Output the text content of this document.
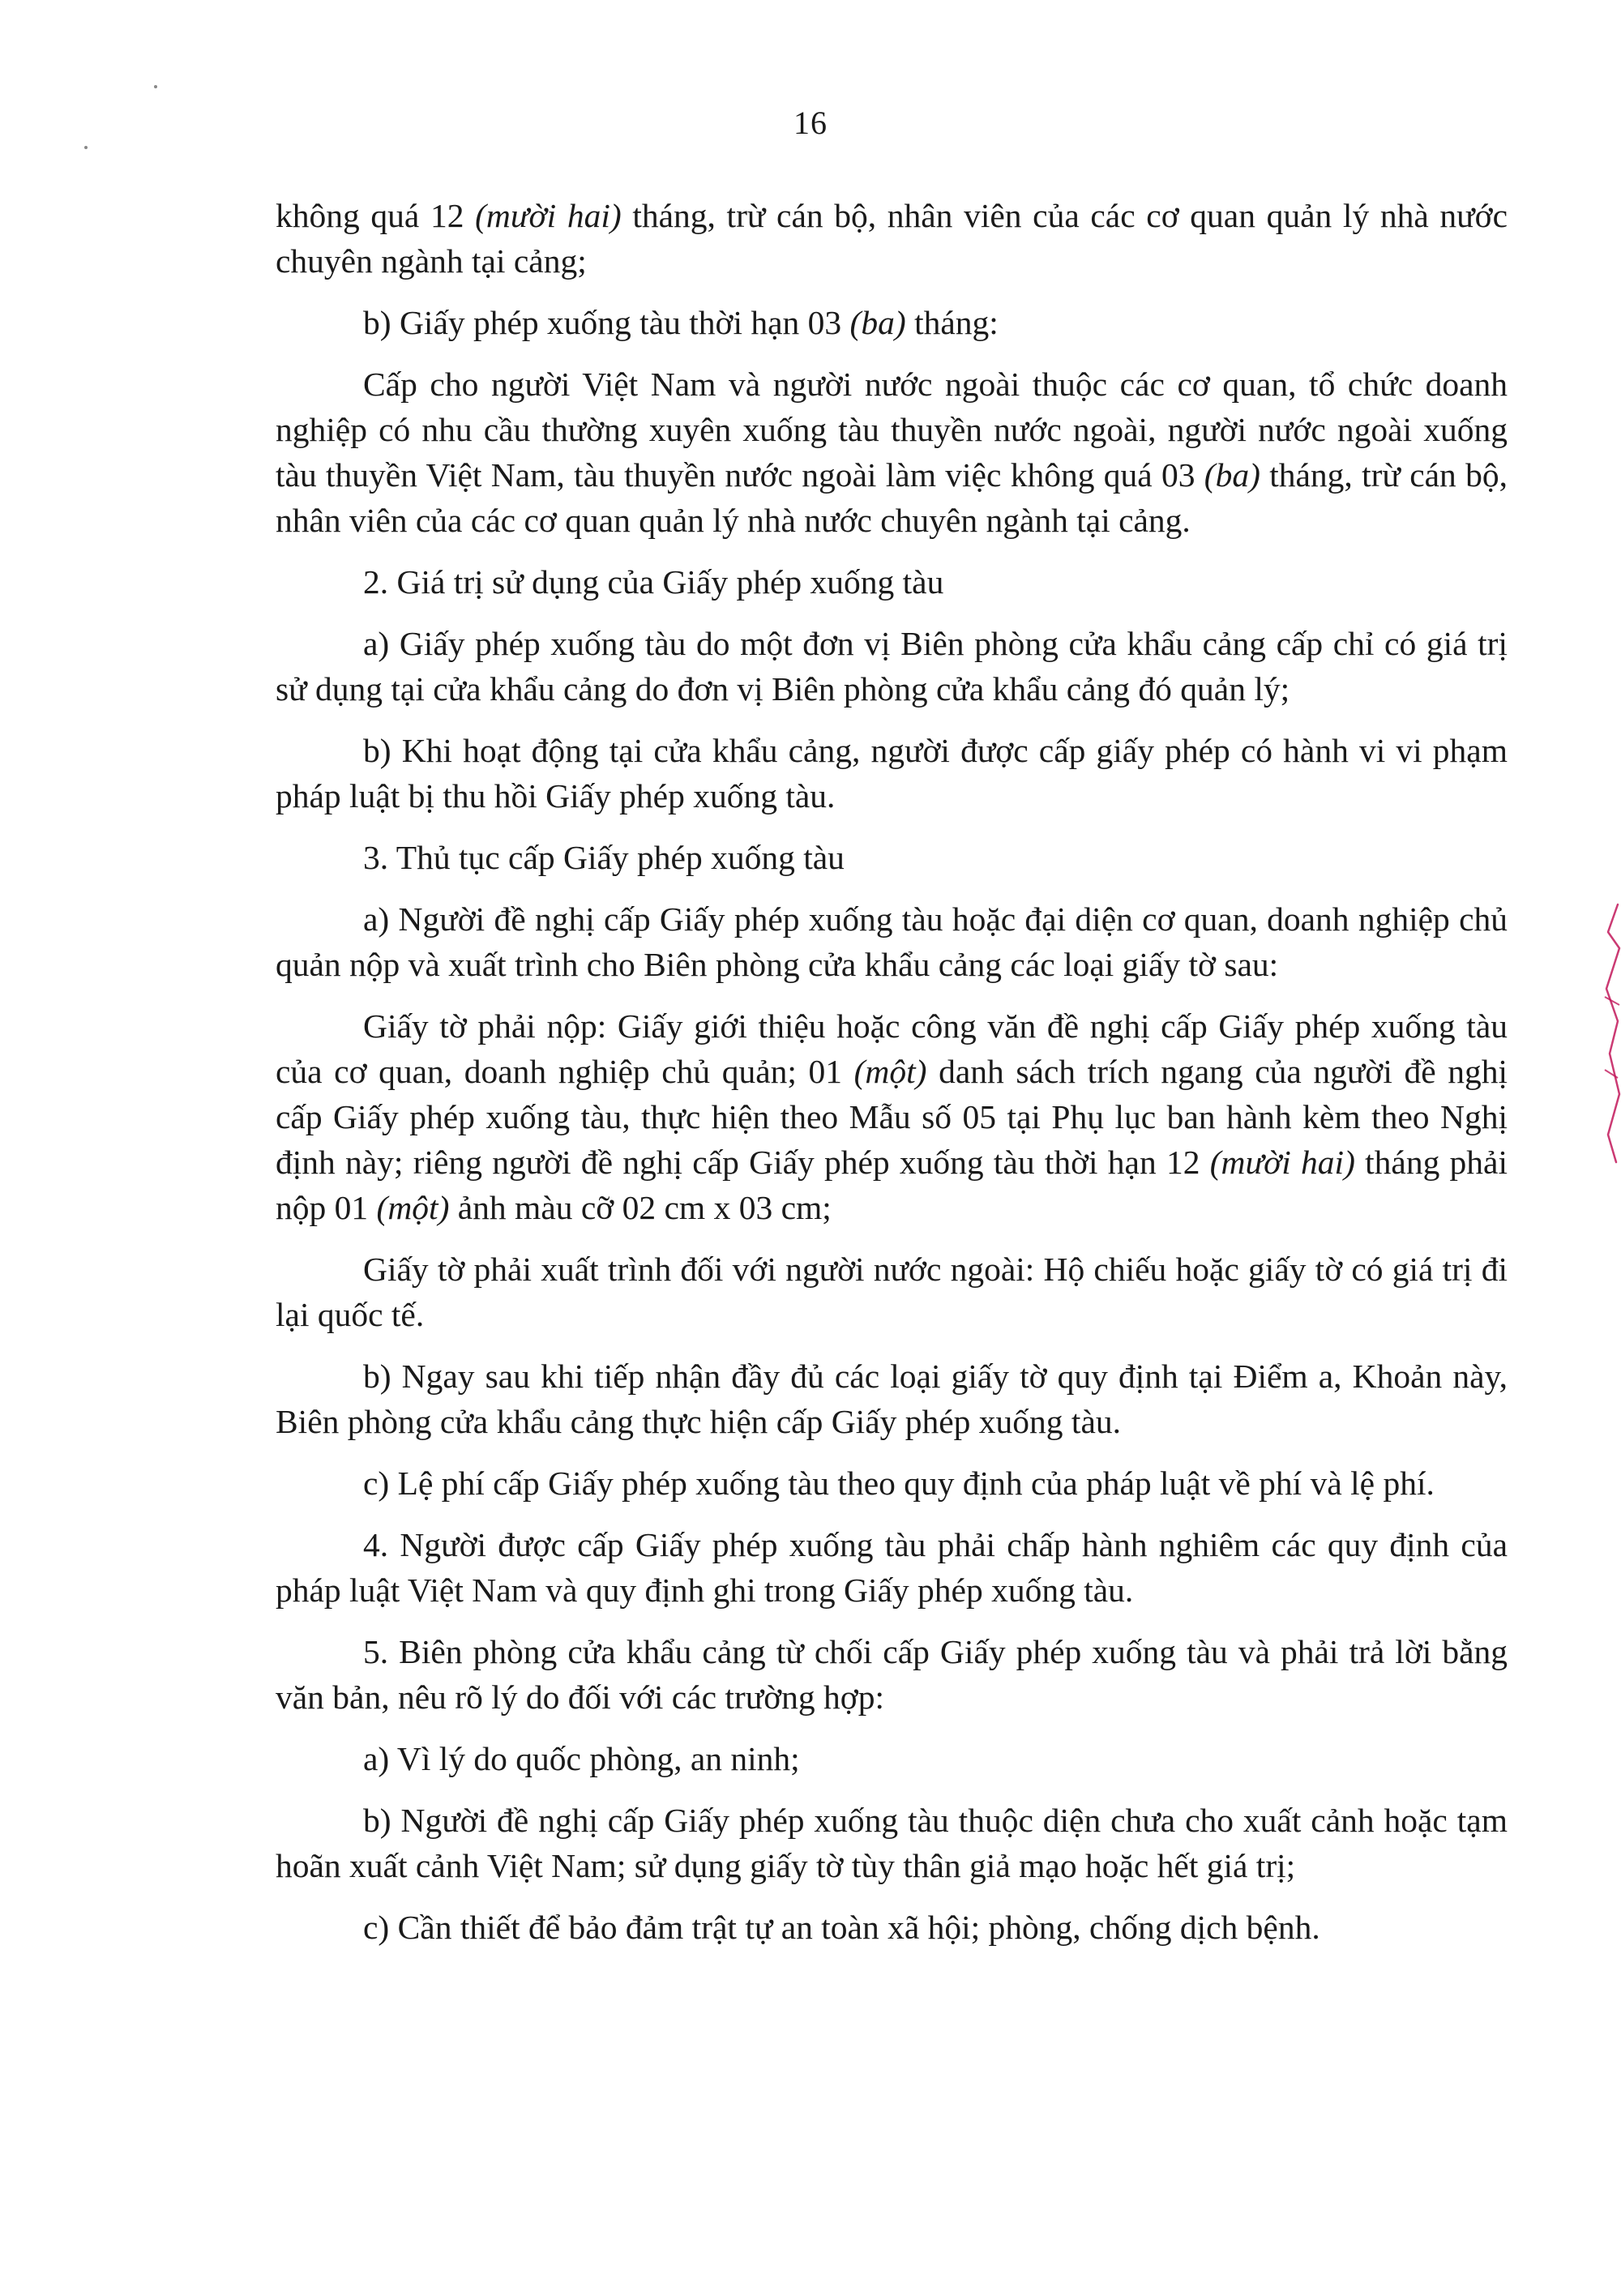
16

không quá 12 (mười hai) tháng, trừ cán bộ, nhân viên của các cơ quan quản lý nhà nước chuyên ngành tại cảng;

b) Giấy phép xuống tàu thời hạn 03 (ba) tháng:

Cấp cho người Việt Nam và người nước ngoài thuộc các cơ quan, tổ chức doanh nghiệp có nhu cầu thường xuyên xuống tàu thuyền nước ngoài, người nước ngoài xuống tàu thuyền Việt Nam, tàu thuyền nước ngoài làm việc không quá 03 (ba) tháng, trừ cán bộ, nhân viên của các cơ quan quản lý nhà nước chuyên ngành tại cảng.

2. Giá trị sử dụng của Giấy phép xuống tàu

a) Giấy phép xuống tàu do một đơn vị Biên phòng cửa khẩu cảng cấp chỉ có giá trị sử dụng tại cửa khẩu cảng do đơn vị Biên phòng cửa khẩu cảng đó quản lý;

b) Khi hoạt động tại cửa khẩu cảng, người được cấp giấy phép có hành vi vi phạm pháp luật bị thu hồi Giấy phép xuống tàu.

3. Thủ tục cấp Giấy phép xuống tàu

a) Người đề nghị cấp Giấy phép xuống tàu hoặc đại diện cơ quan, doanh nghiệp chủ quản nộp và xuất trình cho Biên phòng cửa khẩu cảng các loại giấy tờ sau:

Giấy tờ phải nộp: Giấy giới thiệu hoặc công văn đề nghị cấp Giấy phép xuống tàu của cơ quan, doanh nghiệp chủ quản; 01 (một) danh sách trích ngang của người đề nghị cấp Giấy phép xuống tàu, thực hiện theo Mẫu số 05 tại Phụ lục ban hành kèm theo Nghị định này; riêng người đề nghị cấp Giấy phép xuống tàu thời hạn 12 (mười hai) tháng phải nộp 01 (một) ảnh màu cỡ 02 cm x 03 cm;

Giấy tờ phải xuất trình đối với người nước ngoài: Hộ chiếu hoặc giấy tờ có giá trị đi lại quốc tế.

b) Ngay sau khi tiếp nhận đầy đủ các loại giấy tờ quy định tại Điểm a, Khoản này, Biên phòng cửa khẩu cảng thực hiện cấp Giấy phép xuống tàu.

c) Lệ phí cấp Giấy phép xuống tàu theo quy định của pháp luật về phí và lệ phí.

4. Người được cấp Giấy phép xuống tàu phải chấp hành nghiêm các quy định của pháp luật Việt Nam và quy định ghi trong Giấy phép xuống tàu.

5. Biên phòng cửa khẩu cảng từ chối cấp Giấy phép xuống tàu và phải trả lời bằng văn bản, nêu rõ lý do đối với các trường hợp:

a) Vì lý do quốc phòng, an ninh;

b) Người đề nghị cấp Giấy phép xuống tàu thuộc diện chưa cho xuất cảnh hoặc tạm hoãn xuất cảnh Việt Nam; sử dụng giấy tờ tùy thân giả mạo hoặc hết giá trị;

c) Cần thiết để bảo đảm trật tự an toàn xã hội; phòng, chống dịch bệnh.
